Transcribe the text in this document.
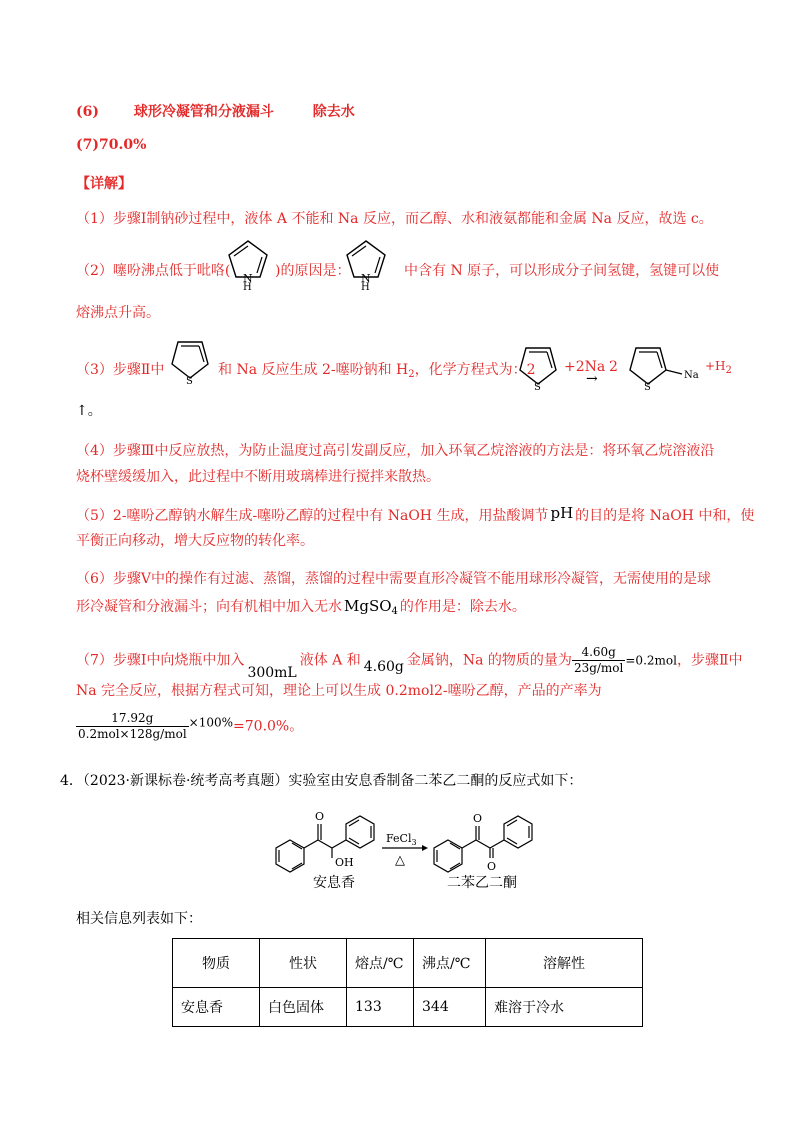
(6) 球形冷凝管和分液漏斗	除去水
(7)70.0%
【详解】
（1）步骤Ⅰ制钠砂过程中，液体 A 不能和 Na 反应，而乙醇、水和液氨都能和金属 Na 反应，故选 c。
（2）噻吩沸点低于吡咯( N
H
)的原因是： N
H
中含有 N 原子，可以形成分子间氢键，氢键可以使
熔沸点升高。
（3）步骤Ⅱ中
S
和 Na 反应生成 2-噻吩钠和 $H_2$，化学方程式为：2
S
+2Na
→
2
S
Na
$+H_2$
↑。
（4）步骤Ⅲ中反应放热，为防止温度过高引发副反应，加入环氧乙烷溶液的方法是：将环氧乙烷溶液沿
烧杯壁缓缓加入，此过程中不断用玻璃棒进行搅拌来散热。
（5）2-噻吩乙醇钠水解生成-噻吩乙醇的过程中有 NaOH 生成，用盐酸调节 pH 的目的是将 NaOH 中和，使
平衡正向移动，增大反应物的转化率。
（6）步骤Ⅴ中的操作有过滤、蒸馏，蒸馏的过程中需要直形冷凝管不能用球形冷凝管，无需使用的是球
形冷凝管和分液漏斗；向有机相中加入无水 MgSO$_4$ 的作用是：除去水。
（7）步骤Ⅰ中向烧瓶中加入300mL液体 A 和 4.60g 金属钠，Na 的物质的量为 $\frac{4.60g}{\text{23g/mol}} =0.2mol$，步骤Ⅱ中
Na 完全反应，根据方程式可知，理论上可以生成 0.2mol2-噻吩乙醇，产品的产率为
$\frac{17.92g}{\text{0.2mol×128g/mol}} \times 100\%=70.0\%$。
4．（2023·新课标卷·统考高考真题）实验室由安息香制备二苯乙二酮的反应式如下：
O
OH
FeCl$_3$
△
O
O
安息香	二苯乙二酮
相关信息列表如下：
物质	性状	熔点/℃	沸点/℃	溶解性
安息香	白色固体	133	344	难溶于冷水
